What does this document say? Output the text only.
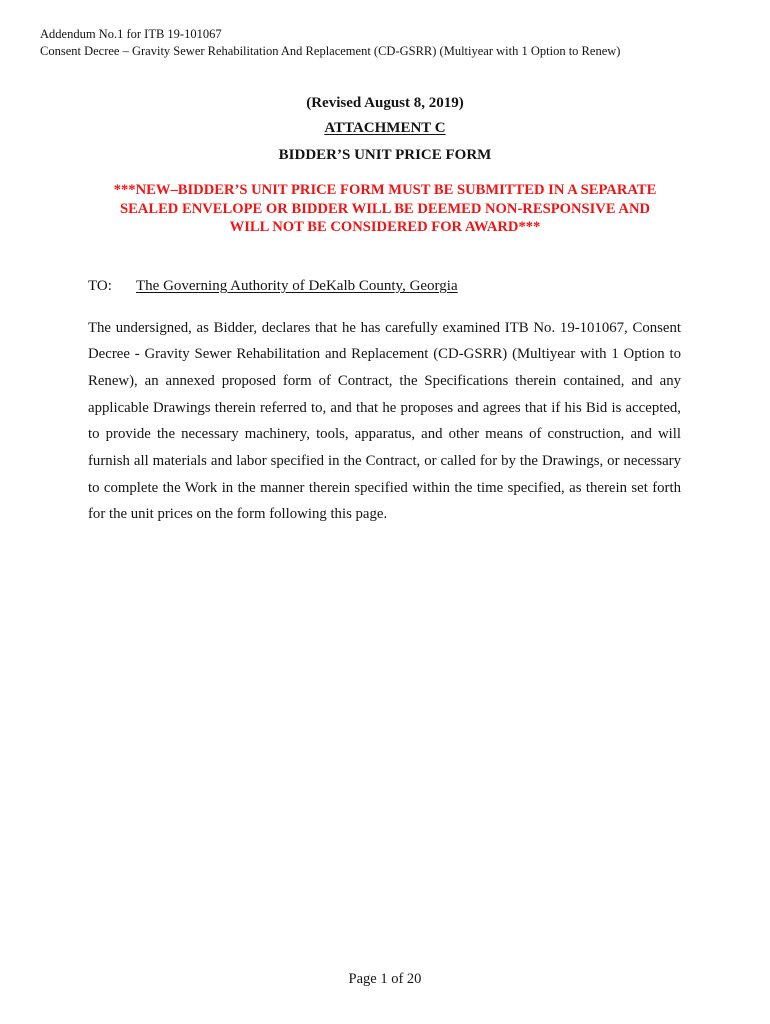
Addendum No.1 for ITB 19-101067
Consent Decree – Gravity Sewer Rehabilitation And Replacement (CD-GSRR) (Multiyear with 1 Option to Renew)
(Revised August 8, 2019)
ATTACHMENT C
BIDDER’S UNIT PRICE FORM
***NEW–BIDDER’S UNIT PRICE FORM MUST BE SUBMITTED IN A SEPARATE
SEALED ENVELOPE OR BIDDER WILL BE DEEMED NON-RESPONSIVE AND
WILL NOT BE CONSIDERED FOR AWARD***
TO: The Governing Authority of DeKalb County, Georgia
The undersigned, as Bidder, declares that he has carefully examined ITB No. 19-101067, Consent
Decree - Gravity Sewer Rehabilitation and Replacement (CD-GSRR) (Multiyear with 1 Option to
Renew), an annexed proposed form of Contract, the Specifications therein contained, and any
applicable Drawings therein referred to, and that he proposes and agrees that if his Bid is accepted,
to provide the necessary machinery, tools, apparatus, and other means of construction, and will
furnish all materials and labor specified in the Contract, or called for by the Drawings, or necessary
to complete the Work in the manner therein specified within the time specified, as therein set forth
for the unit prices on the form following this page.
Page 1 of 20
